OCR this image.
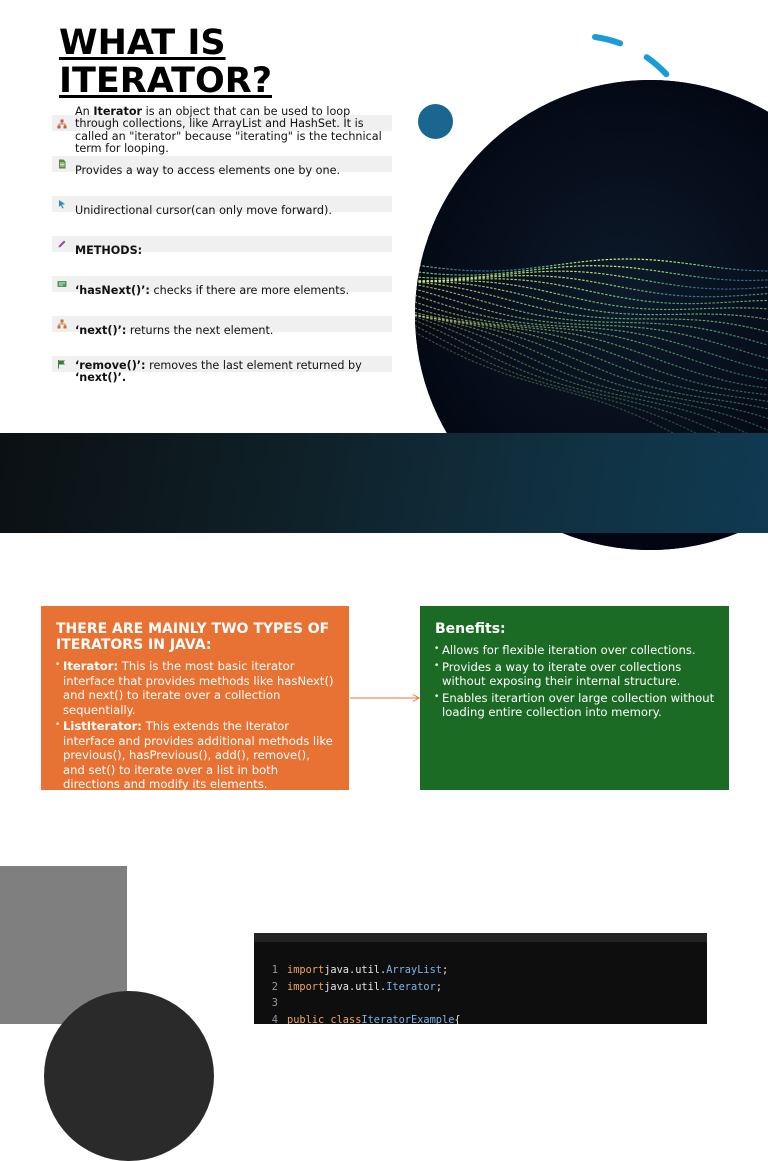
WHAT IS
ITERATOR?
An Iterator is an object that can be used to loop through collections, like ArrayList and HashSet. It is called an "iterator" because "iterating" is the technical term for looping.
Provides a way to access elements one by one.
Unidirectional cursor(can only move forward).
METHODS:
‘hasNext()’: checks if there are more elements.
‘next()’: returns the next element.
‘remove()’: removes the last element returned by ‘next()’.
THERE ARE MAINLY TWO TYPES OF ITERATORS IN JAVA:
• Iterator: This is the most basic iterator interface that provides methods like hasNext() and next() to iterate over a collection sequentially.
• ListIterator: This extends the Iterator interface and provides additional methods like previous(), hasPrevious(), add(), remove(), and set() to iterate over a list in both directions and modify its elements.
Benefits:
• Allows for flexible iteration over collections.
• Provides a way to iterate over collections without exposing their internal structure.
• Enables iterartion over large collection without loading entire collection into memory.
1 import java.util. ArrayList ;
2 import java.util. Iterator ;
3
4 public class IteratorExample {
